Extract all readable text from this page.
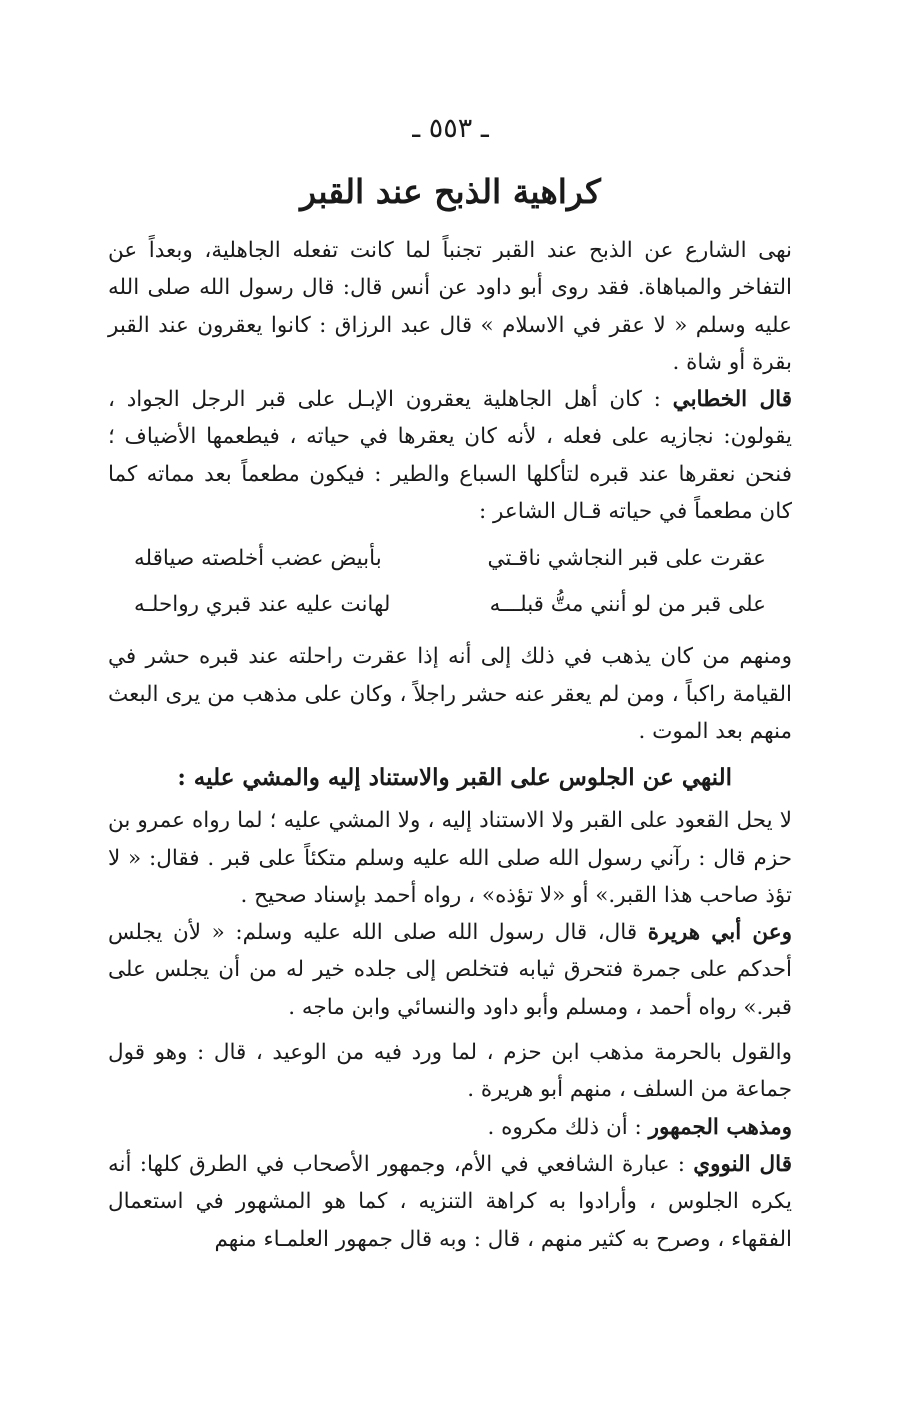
ـ ٥٥٣ ـ
كراهية الذبح عند القبر

نهى الشارع عن الذبح عند القبر تجنباً لما كانت تفعله الجاهلية، وبعداً عن التفاخر والمباهاة. فقد روى أبو داود عن أنس قال: قال رسول الله صلى الله عليه وسلم « لا عقر في الاسلام » قال عبد الرزاق : كانوا يعقرون عند القبر بقرة أو شاة .

قال الخطابي : كان أهل الجاهلية يعقرون الإبـل على قبر الرجل الجواد ، يقولون: نجازيه على فعله ، لأنه كان يعقرها في حياته ، فيطعمها الأضياف ؛ فنحن نعقرها عند قبره لتأكلها السباع والطير : فيكون مطعماً بعد مماته كما كان مطعماً في حياته قـال الشاعر :

عقرت على قبر النجاشي ناقـتي
بأبيض عضب أخلصته صياقله
على قبر من لو أنني متُّ قبلـــه
لهانت عليه عند قبري رواحلـه

ومنهم من كان يذهب في ذلك إلى أنه إذا عقرت راحلته عند قبره حشر في القيامة راكباً ، ومن لم يعقر عنه حشر راجلاً ، وكان على مذهب من يرى البعث منهم بعد الموت .

النهي عن الجلوس على القبر والاستناد إليه والمشي عليه :

لا يحل القعود على القبر ولا الاستناد إليه ، ولا المشي عليه ؛ لما رواه عمرو بن حزم قال : رآني رسول الله صلى الله عليه وسلم متكئاً على قبر . فقال: « لا تؤذ صاحب هذا القبر.» أو «لا تؤذه» ، رواه أحمد بإسناد صحيح .

وعن أبي هريرة قال، قال رسول الله صلى الله عليه وسلم: « لأن يجلس أحدكم على جمرة فتحرق ثيابه فتخلص إلى جلده خير له من أن يجلس على قبر.» رواه أحمد ، ومسلم وأبو داود والنسائي وابن ماجه .

والقول بالحرمة مذهب ابن حزم ، لما ورد فيه من الوعيد ، قال : وهو قول جماعة من السلف ، منهم أبو هريرة .

ومذهب الجمهور : أن ذلك مكروه .

قال النووي : عبارة الشافعي في الأم، وجمهور الأصحاب في الطرق كلها: أنه يكره الجلوس ، وأرادوا به كراهة التنزيه ، كما هو المشهور في استعمال الفقهاء ، وصرح به كثير منهم ، قال : وبه قال جمهور العلمـاء منهم
